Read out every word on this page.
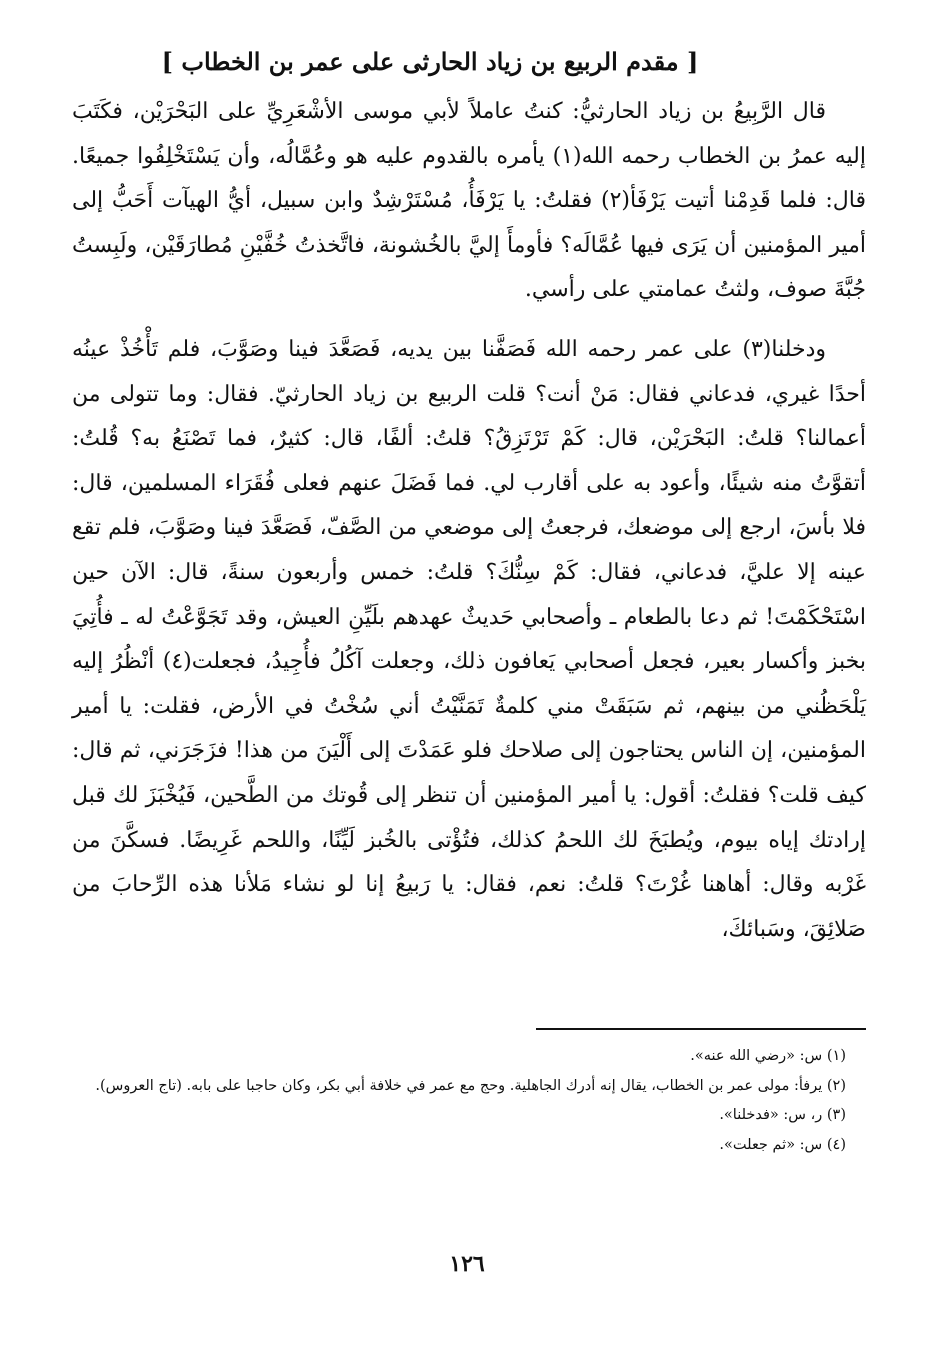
[ مقدم الربيع بن زياد الحارثى على عمر بن الخطاب ]

قال الرَّبِيعُ بن زياد الحارثيُّ: كنتُ عاملاً لأبي موسى الأشْعَرِيِّ على البَحْرَيْن، فكَتَبَ إليه عمرُ بن الخطاب رحمه الله(١) يأمره بالقدوم عليه هو وعُمَّالُه، وأن يَسْتَخْلِفُوا جميعًا. قال: فلما قَدِمْنا أتيت يَرْفَأ(٢) فقلتُ: يا يَرْفَأُ، مُسْتَرْشِدٌ وابن سبيل، أيُّ الهيآت أَحَبُّ إلى أمير المؤمنين أن يَرَى فيها عُمَّالَه؟ فأومأَ إليَّ بالخُشونة، فاتَّخذتُ خُفَّيْنِ مُطارَقَيْن، ولَبِستُ جُبَّةَ صوف، ولثتُ عمامتي على رأسي.

ودخلنا(٣) على عمر رحمه الله فَصَفَّنا بين يديه، فَصَعَّدَ فينا وصَوَّبَ، فلم تَأْخُذْ عينُه أحدًا غيري، فدعاني فقال: مَنْ أنت؟ قلت الربيع بن زياد الحارثيّ. فقال: وما تتولى من أعمالنا؟ قلتُ: البَحْرَيْن، قال: كَمْ تَرْتَزِقُ؟ قلتُ: ألفًا، قال: كثيرٌ، فما تَصْنَعُ به؟ قُلتُ: أتقوَّتُ منه شيئًا، وأعود به على أقارب لي. فما فَضَلَ عنهم فعلى فُقَرَاء المسلمين، قال: فلا بأسَ، ارجع إلى موضعك، فرجعتُ إلى موضعي من الصَّفّ، فَصَعَّدَ فينا وصَوَّبَ، فلم تقع عينه إلا عليَّ، فدعاني، فقال: كَمْ سِنُّكَ؟ قلتُ: خمس وأربعون سنةً، قال: الآن حين اسْتَحْكَمْتَ! ثم دعا بالطعام ـ وأصحابي حَديثٌ عهدهم بلَيِّنِ العيش، وقد تَجَوَّعْتُ له ـ فأُتِيَ بخبز وأكسار بعير، فجعل أصحابي يَعافون ذلك، وجعلت آكُلُ فأُجِيدُ، فجعلت(٤) أنْظُرُ إليه يَلْحَظُني من بينهم، ثم سَبَقَتْ مني كلمةٌ تَمَنَّيْتُ أني سُخْتُ في الأرض، فقلت: يا أمير المؤمنين، إن الناس يحتاجون إلى صلاحك فلو عَمَدْتَ إلى أَلْيَنَ من هذا! فزَجَرَني، ثم قال: كيف قلت؟ فقلتُ: أقول: يا أمير المؤمنين أن تنظر إلى قُوتك من الطَّحين، فَيُخْبَزَ لك قبل إرادتك إياه بيوم، ويُطبَخَ لك اللحمُ كذلك، فتُؤْتى بالخُبز لَيِّنًا، واللحم غَرِيضًا. فسكَّنَ من غَرْبه وقال: أهاهنا غُرْتَ؟ قلتُ: نعم، فقال: يا رَبيعُ إنا لو نشاء مَلأنا هذه الرِّحابَ من صَلائِقَ، وسَبائكَ،

(١) س: «رضي الله عنه».

(٢) يرفأ: مولى عمر بن الخطاب، يقال إنه أدرك الجاهلية. وحج مع عمر في خلافة أبي بكر، وكان حاجبا على بابه. (تاج العروس).

(٣) ر، س: «فدخلنا».

(٤) س: «ثم جعلت».

١٢٦
